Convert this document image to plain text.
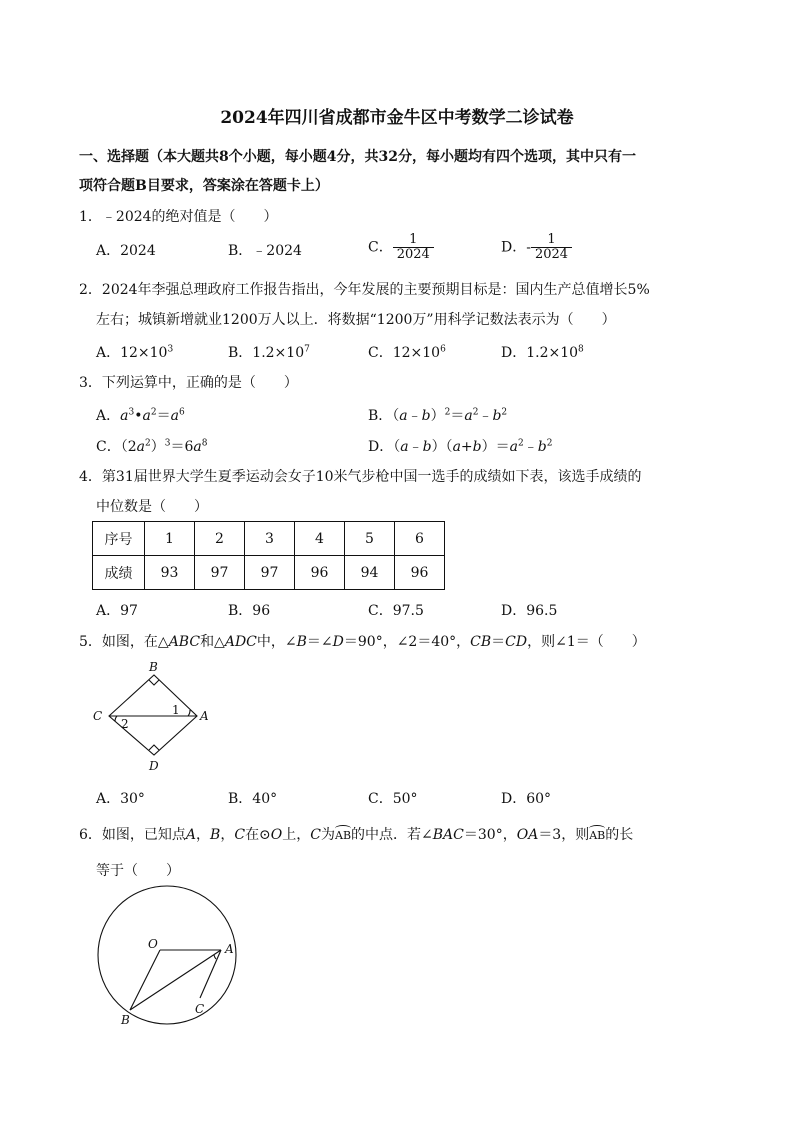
2024年四川省成都市金牛区中考数学二诊试卷
一、选择题（本大题共8个小题，每小题4分，共32分，每小题均有四个选项，其中只有一
项符合题B目要求，答案涂在答题卡上）
1．﹣2024的绝对值是（　　）
A．2024	B．﹣2024	C． $\frac{1}{2024}$	D．- $\frac{1}{2024}$
2．2024年李强总理政府工作报告指出，今年发展的主要预期目标是：国内生产总值增长5%
左右；城镇新增就业1200万人以上．将数据“1200万”用科学记数法表示为（　　）
A．$12\times 10^3$	B．$1.2\times 10^7$	C．$12\times 10^6$	D．$1.2\times 10^8$
3．下列运算中，正确的是（　　）
A．$a^3•a^2=a^6$	B．$(a﹣b)^2=a^2﹣b^2$
C．$(2a^2)^3=6a^8$	D．$(a﹣b)(a+b)=a^2﹣b^2$
4．第31届世界大学生夏季运动会女子10米气步枪中国一选手的成绩如下表，该选手成绩的
中位数是（　　）
序号	1	2	3	4	5	6
成绩	93	97	97	96	94	96
A．97	B．96	C．97.5	D．96.5
5．如图，在△ABC和△ADC中，∠B＝∠D＝90°，∠2＝40°，CB＝CD，则∠1＝（　　）
B
C	A
D
1
2
A．30°	B．40°	C．50°	D．60°
6．如图，已知点A，B，C在⊙O上，C为AB的中点．若∠BAC＝30°，OA＝3，则AB的长
等于（　　）
O	A
B
C
